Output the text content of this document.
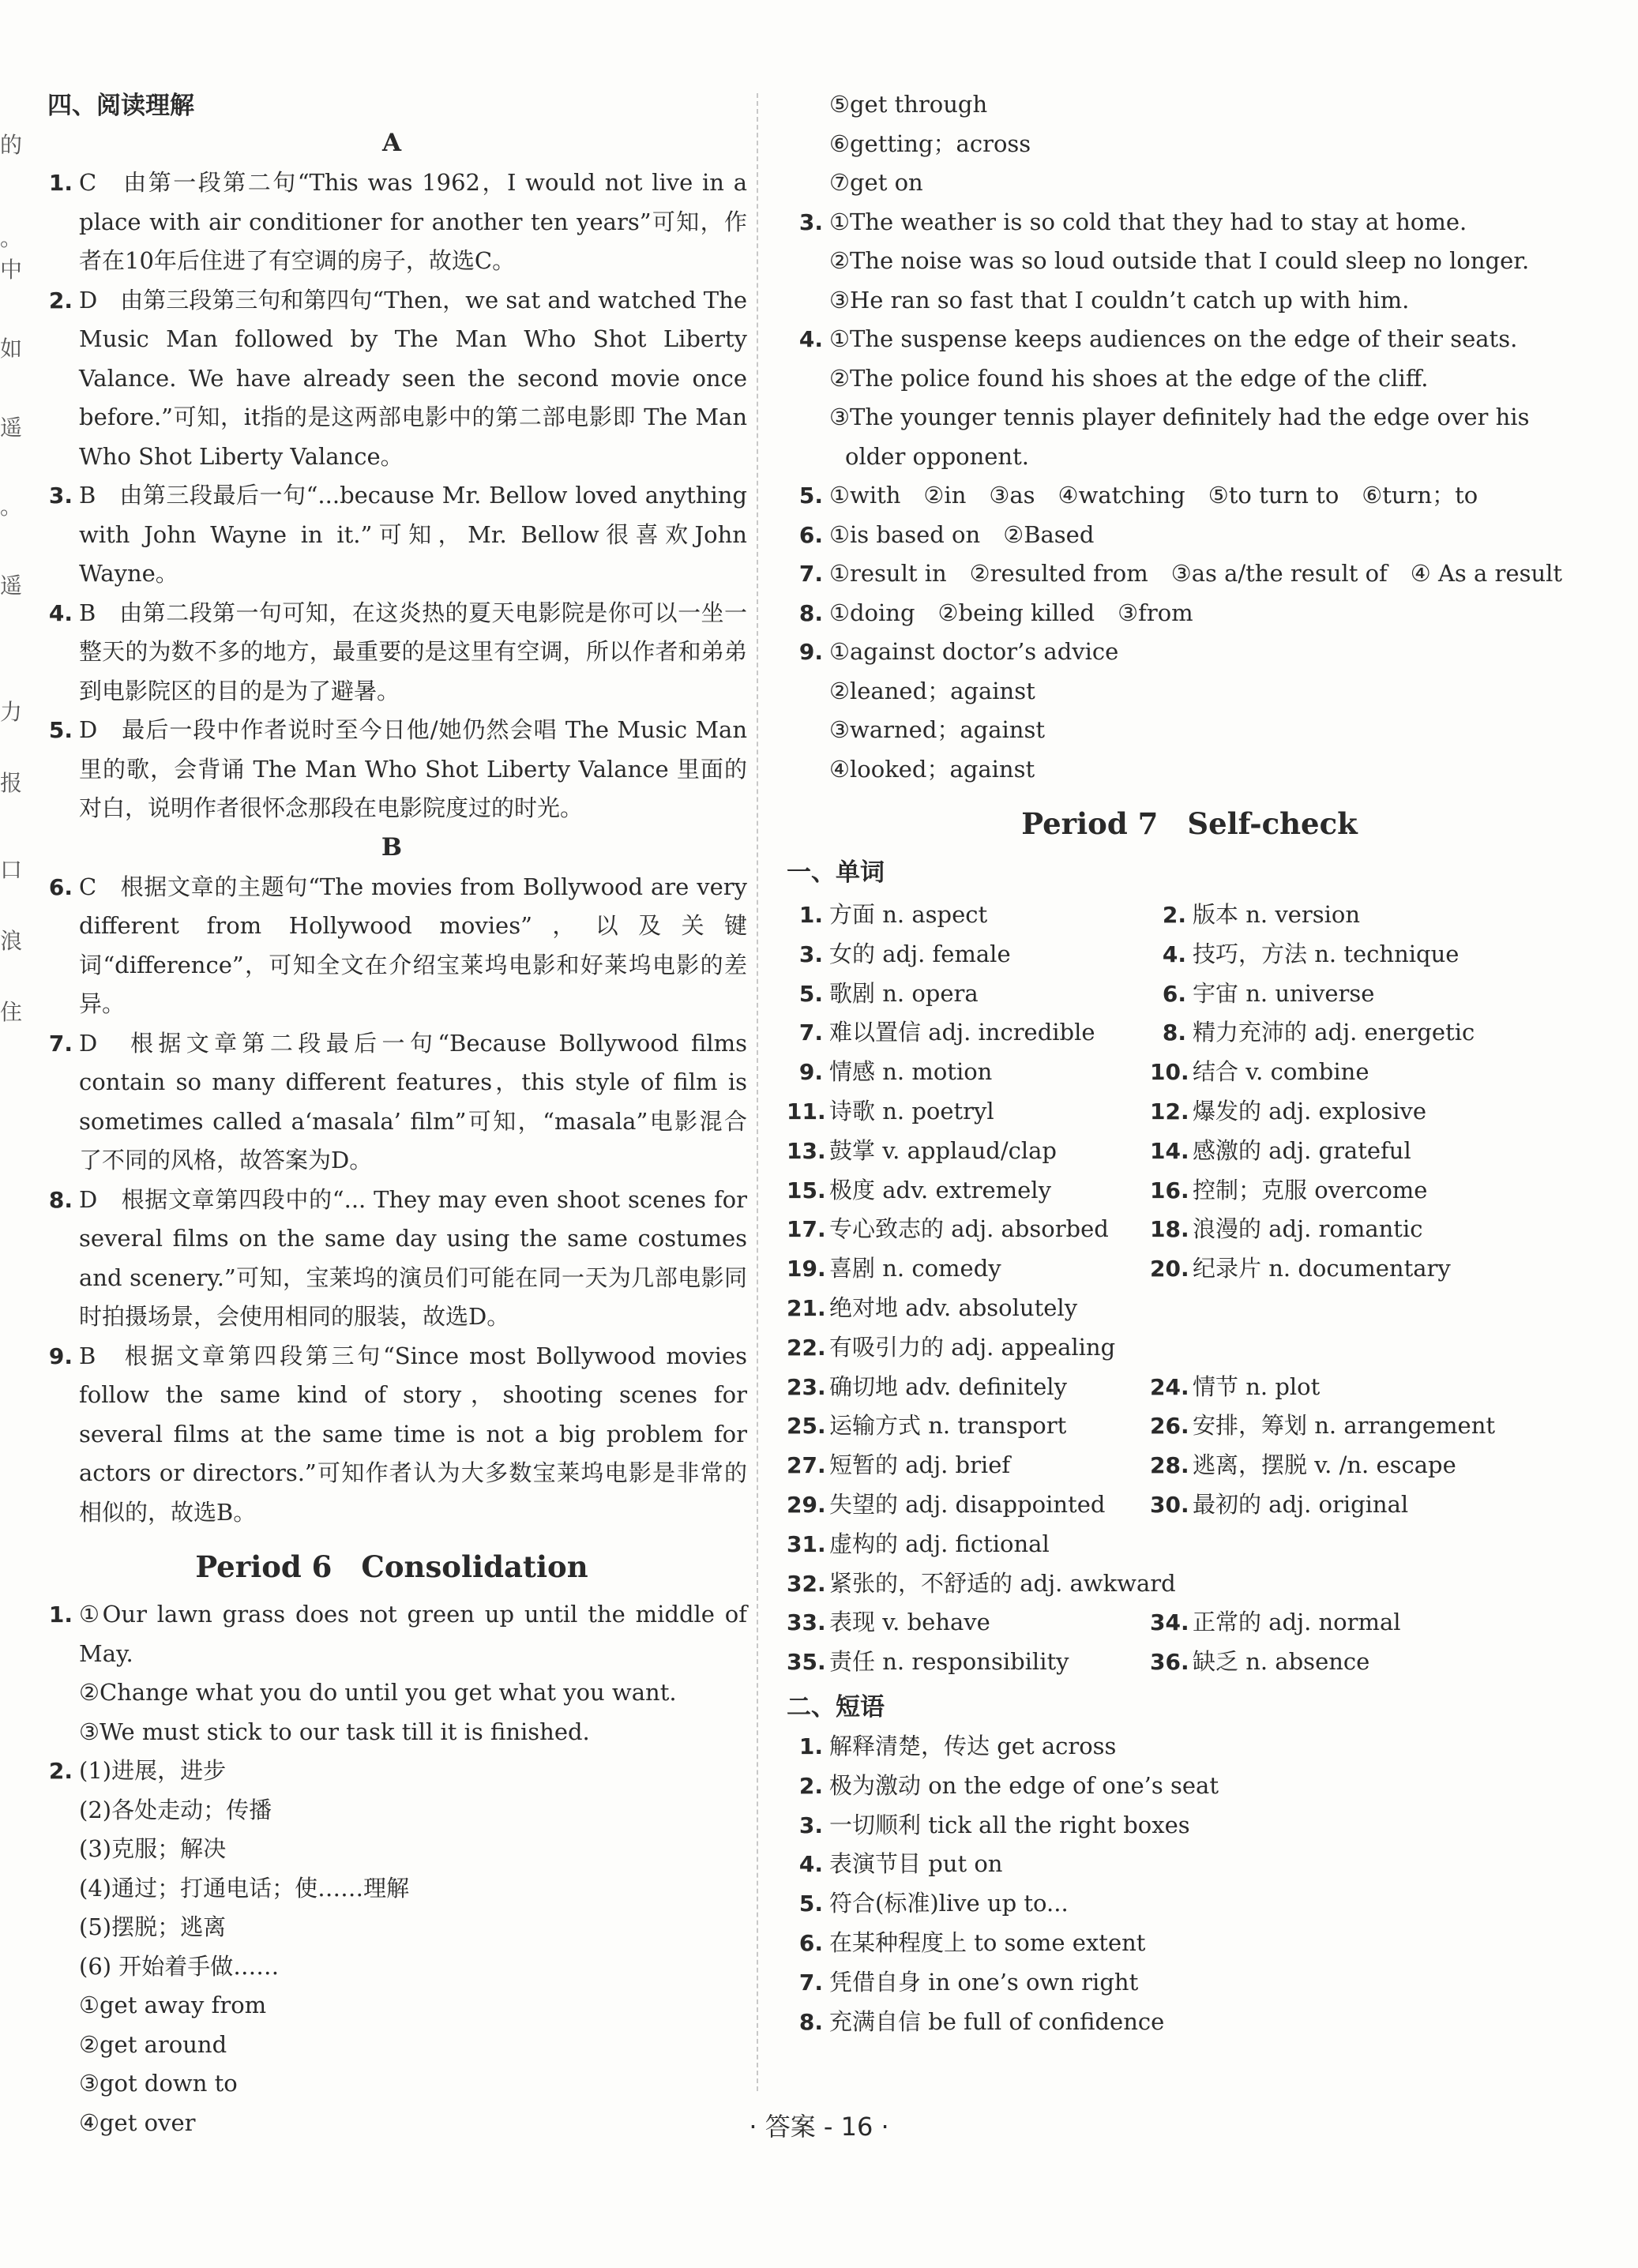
的
。
中
如
遥
。
遥
力
报
口
浪
住
四、阅读理解
A
1. C　由第一段第二句“This was 1962，I would not live in a place with air conditioner for another ten years”可知，作者在10年后住进了有空调的房子，故选C。
2. D　由第三段第三句和第四句“Then，we sat and watched The Music Man followed by The Man Who Shot Liberty Valance. We have already seen the second movie once before.”可知，it指的是这两部电影中的第二部电影即 The Man Who Shot Liberty Valance。
3. B　由第三段最后一句“...because Mr. Bellow loved anything with John Wayne in it.”可知，Mr. Bellow很喜欢John Wayne。
4. B　由第二段第一句可知，在这炎热的夏天电影院是你可以一坐一整天的为数不多的地方，最重要的是这里有空调，所以作者和弟弟到电影院区的目的是为了避暑。
5. D　最后一段中作者说时至今日他/她仍然会唱 The Music Man 里的歌，会背诵 The Man Who Shot Liberty Valance 里面的对白，说明作者很怀念那段在电影院度过的时光。
B
6. C　根据文章的主题句“The movies from Bollywood are very different from Hollywood movies”，以及关键词“difference”，可知全文在介绍宝莱坞电影和好莱坞电影的差异。
7. D　根据文章第二段最后一句“Because Bollywood films contain so many different features，this style of film is sometimes called a‘masala’ film”可知，“masala”电影混合了不同的风格，故答案为D。
8. D　根据文章第四段中的“... They may even shoot scenes for several films on the same day using the same costumes and scenery.”可知，宝莱坞的演员们可能在同一天为几部电影同时拍摄场景，会使用相同的服装，故选D。
9. B　根据文章第四段第三句“Since most Bollywood movies follow the same kind of story，shooting scenes for several films at the same time is not a big problem for actors or directors.”可知作者认为大多数宝莱坞电影是非常的相似的，故选B。
Period 6　Consolidation
1. ①Our lawn grass does not green up until the middle of May.
②Change what you do until you get what you want.
③We must stick to our task till it is finished.
2. (1)进展，进步
(2)各处走动；传播
(3)克服；解决
(4)通过；打通电话；使……理解
(5)摆脱；逃离
(6) 开始着手做……
①get away from
②get around
③got down to
④get over
⑤get through
⑥getting；across
⑦get on
3. ①The weather is so cold that they had to stay at home.
②The noise was so loud outside that I could sleep no longer.
③He ran so fast that I couldn’t catch up with him.
4. ①The suspense keeps audiences on the edge of their seats.
②The police found his shoes at the edge of the cliff.
③The younger tennis player definitely had the edge over his
older opponent.
5. ①with　②in　③as　④watching　⑤to turn to　⑥turn；to
6. ①is based on　②Based
7. ①result in　②resulted from　③as a/the result of　④ As a result
8. ①doing　②being killed　③from
9. ①against doctor’s advice
②leaned；against
③warned；against
④looked；against
Period 7　Self-check
一、单词
1. 方面 n. aspect	2. 版本 n. version
3. 女的 adj. female	4. 技巧，方法 n. technique
5. 歌剧 n. opera	6. 宇宙 n. universe
7. 难以置信 adj. incredible	8. 精力充沛的 adj. energetic
9. 情感 n. motion	10. 结合 v. combine
11. 诗歌 n. poetryl	12. 爆发的 adj. explosive
13. 鼓掌 v. applaud/clap	14. 感激的 adj. grateful
15. 极度 adv. extremely	16. 控制；克服 overcome
17. 专心致志的 adj. absorbed 18. 浪漫的 adj. romantic
19. 喜剧 n. comedy	20. 纪录片 n. documentary
21. 绝对地 adv. absolutely
22. 有吸引力的 adj. appealing
23. 确切地 adv. definitely	24. 情节 n. plot
25. 运输方式 n. transport	26. 安排，筹划 n. arrangement
27. 短暂的 adj. brief	28. 逃离，摆脱 v. /n. escape
29. 失望的 adj. disappointed 30. 最初的 adj. original
31. 虚构的 adj. fictional
32. 紧张的，不舒适的 adj. awkward
33. 表现 v. behave	34. 正常的 adj. normal
35. 责任 n. responsibility	36. 缺乏 n. absence
二、短语
1. 解释清楚，传达 get across
2. 极为激动 on the edge of one’s seat
3. 一切顺利 tick all the right boxes
4. 表演节目 put on
5. 符合(标准)live up to...
6. 在某种程度上 to some extent
7. 凭借自身 in one’s own right
8. 充满自信 be full of confidence
· 答案 - 16 ·
